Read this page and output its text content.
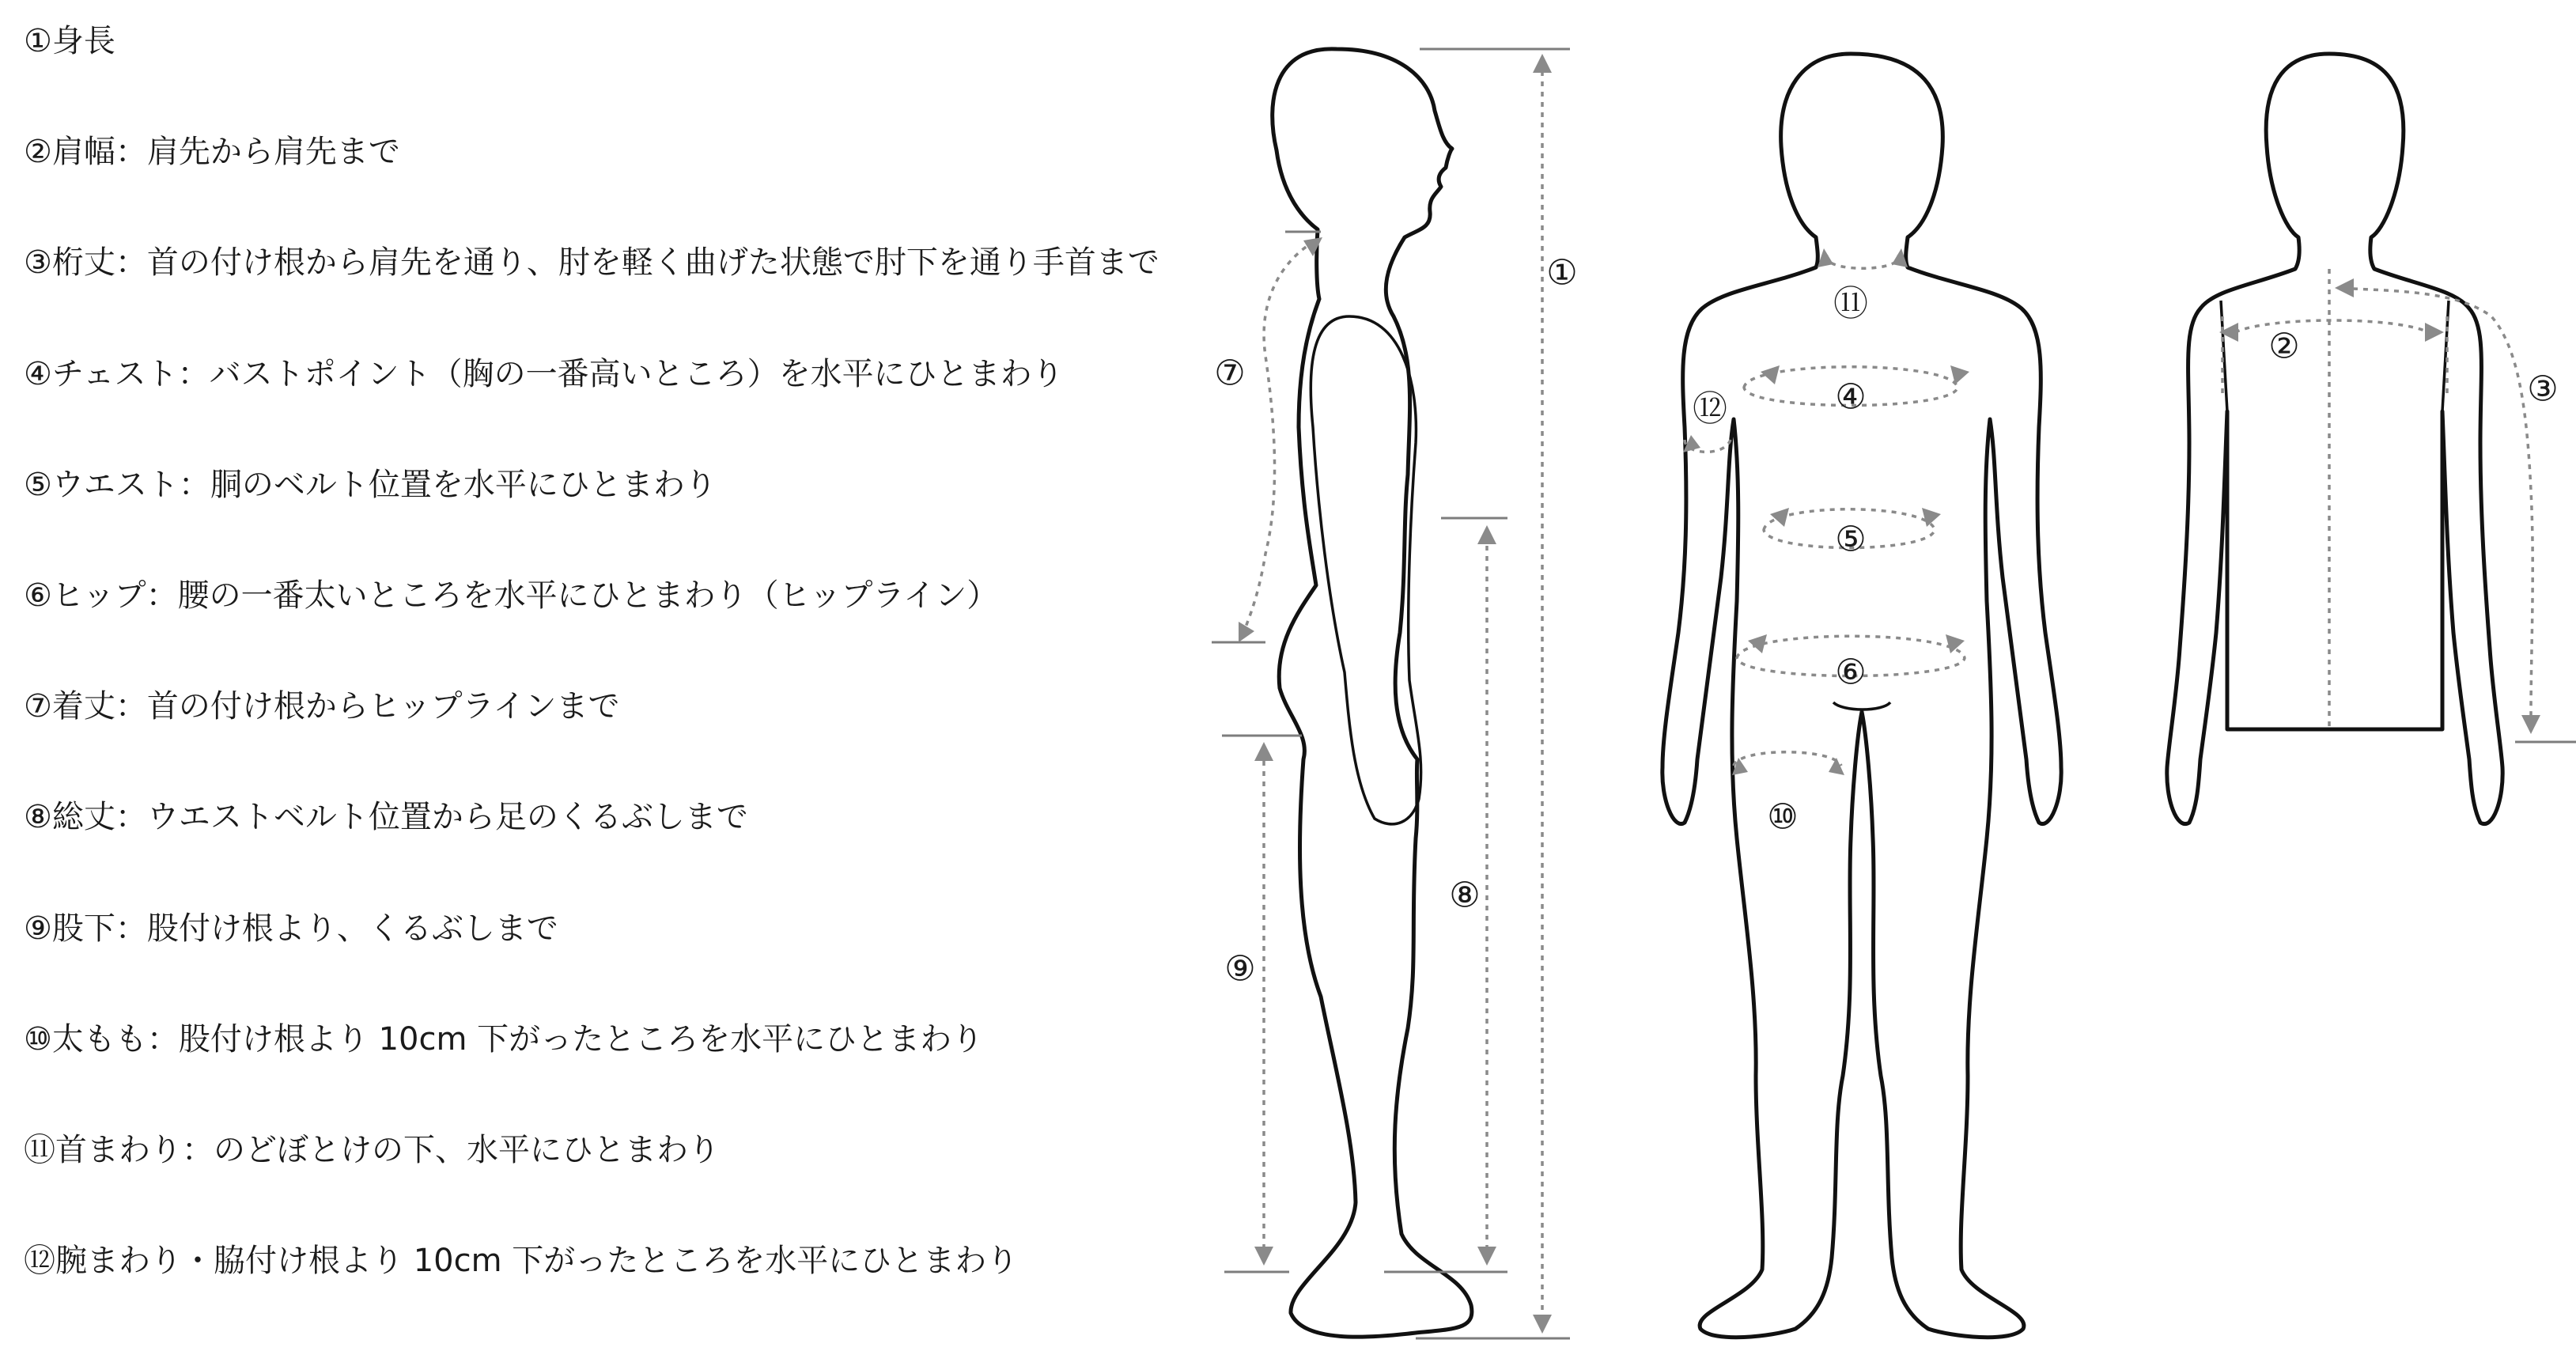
①身長
②肩幅：肩先から肩先まで
③桁丈：首の付け根から肩先を通り、肘を軽く曲げた状態で肘下を通り手首まで
④チェスト：バストポイント（胸の一番高いところ）を水平にひとまわり
⑤ウエスト：胴のベルト位置を水平にひとまわり
⑥ヒップ：腰の一番太いところを水平にひとまわり（ヒップライン）
⑦着丈：首の付け根からヒップラインまで
⑧総丈：ウエストベルト位置から足のくるぶしまで
⑨股下：股付け根より、くるぶしまで
⑩太もも：股付け根より 10cm 下がったところを水平にひとまわり
⑪首まわり：のどぼとけの下、水平にひとまわり
⑫腕まわり・脇付け根より 10cm 下がったところを水平にひとまわり
①
⑦
⑧
⑨
⑪
④
⑫
⑤
⑥
⑩
②
③
